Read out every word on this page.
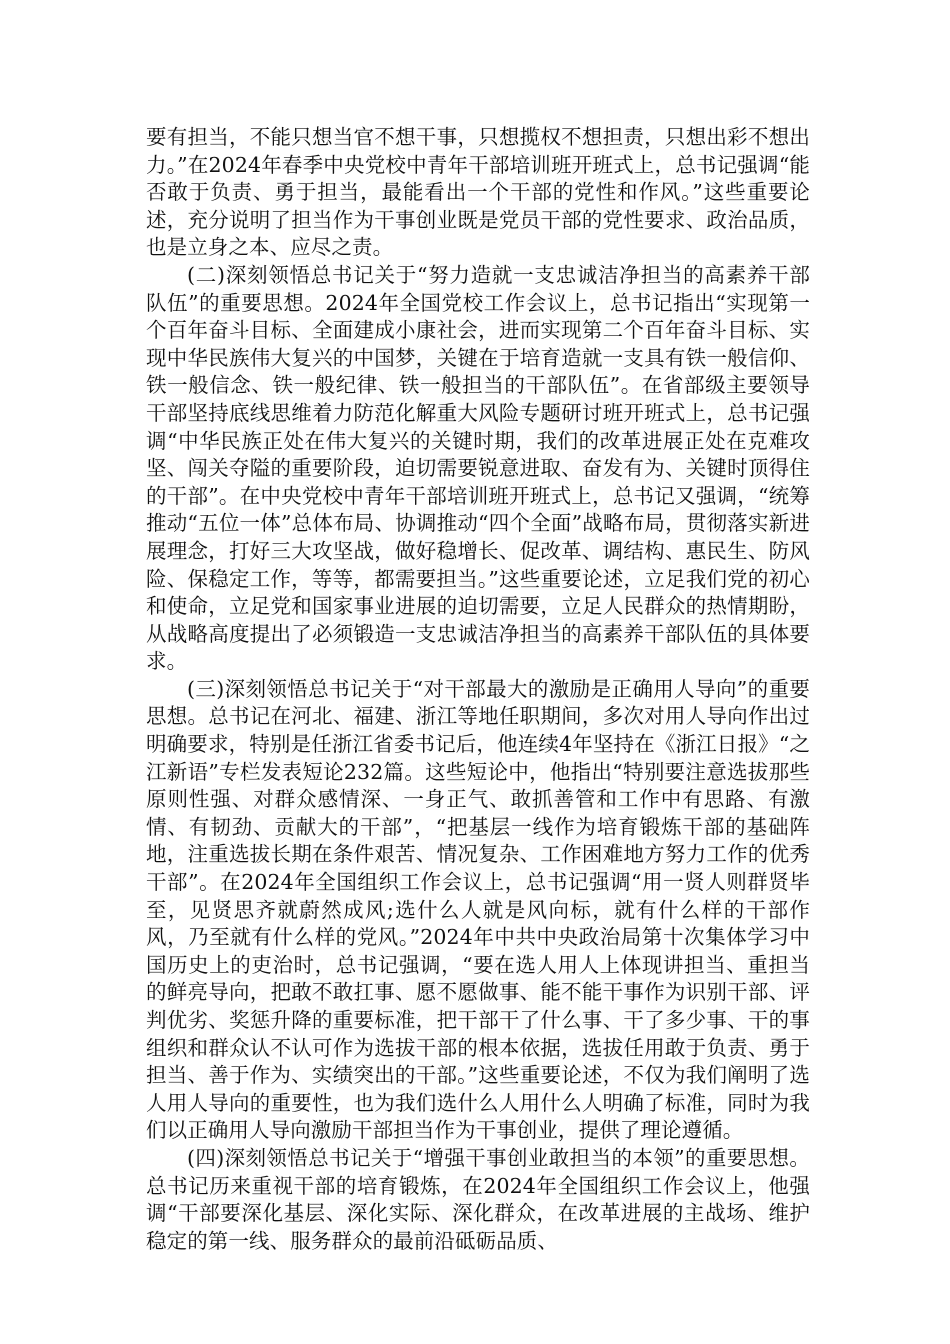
要有担当，不能只想当官不想干事，只想揽权不想担责，只想出彩不想出力。”在2024年春季中央党校中青年干部培训班开班式上，总书记强调“能否敢于负责、勇于担当，最能看出一个干部的党性和作风。”这些重要论述，充分说明了担当作为干事创业既是党员干部的党性要求、政治品质，也是立身之本、应尽之责。

(二)深刻领悟总书记关于“努力造就一支忠诚洁净担当的高素养干部队伍”的重要思想。2024年全国党校工作会议上，总书记指出“实现第一个百年奋斗目标、全面建成小康社会，进而实现第二个百年奋斗目标、实现中华民族伟大复兴的中国梦，关键在于培育造就一支具有铁一般信仰、铁一般信念、铁一般纪律、铁一般担当的干部队伍”。在省部级主要领导干部坚持底线思维着力防范化解重大风险专题研讨班开班式上，总书记强调“中华民族正处在伟大复兴的关键时期，我们的改革进展正处在克难攻坚、闯关夺隘的重要阶段，迫切需要锐意进取、奋发有为、关键时顶得住的干部”。在中央党校中青年干部培训班开班式上，总书记又强调，“统筹推动“五位一体”总体布局、协调推动“四个全面”战略布局，贯彻落实新进展理念，打好三大攻坚战，做好稳增长、促改革、调结构、惠民生、防风险、保稳定工作，等等，都需要担当。”这些重要论述，立足我们党的初心和使命，立足党和国家事业进展的迫切需要，立足人民群众的热情期盼，从战略高度提出了必须锻造一支忠诚洁净担当的高素养干部队伍的具体要求。

(三)深刻领悟总书记关于“对干部最大的激励是正确用人导向”的重要思想。总书记在河北、福建、浙江等地任职期间，多次对用人导向作出过明确要求，特别是任浙江省委书记后，他连续4年坚持在《浙江日报》“之江新语”专栏发表短论232篇。这些短论中，他指出“特别要注意选拔那些原则性强、对群众感情深、一身正气、敢抓善管和工作中有思路、有激情、有韧劲、贡献大的干部”，“把基层一线作为培育锻炼干部的基础阵地，注重选拔长期在条件艰苦、情况复杂、工作困难地方努力工作的优秀干部”。在2024年全国组织工作会议上，总书记强调“用一贤人则群贤毕至，见贤思齐就蔚然成风;选什么人就是风向标，就有什么样的干部作风，乃至就有什么样的党风。”2024年中共中央政治局第十次集体学习中国历史上的吏治时，总书记强调，“要在选人用人上体现讲担当、重担当的鲜亮导向，把敢不敢扛事、愿不愿做事、能不能干事作为识别干部、评判优劣、奖惩升降的重要标准，把干部干了什么事、干了多少事、干的事组织和群众认不认可作为选拔干部的根本依据，选拔任用敢于负责、勇于担当、善于作为、实绩突出的干部。”这些重要论述，不仅为我们阐明了选人用人导向的重要性，也为我们选什么人用什么人明确了标准，同时为我们以正确用人导向激励干部担当作为干事创业，提供了理论遵循。

(四)深刻领悟总书记关于“增强干事创业敢担当的本领”的重要思想。总书记历来重视干部的培育锻炼，在2024年全国组织工作会议上，他强调“干部要深化基层、深化实际、深化群众，在改革进展的主战场、维护稳定的第一线、服务群众的最前沿砥砺品质、
